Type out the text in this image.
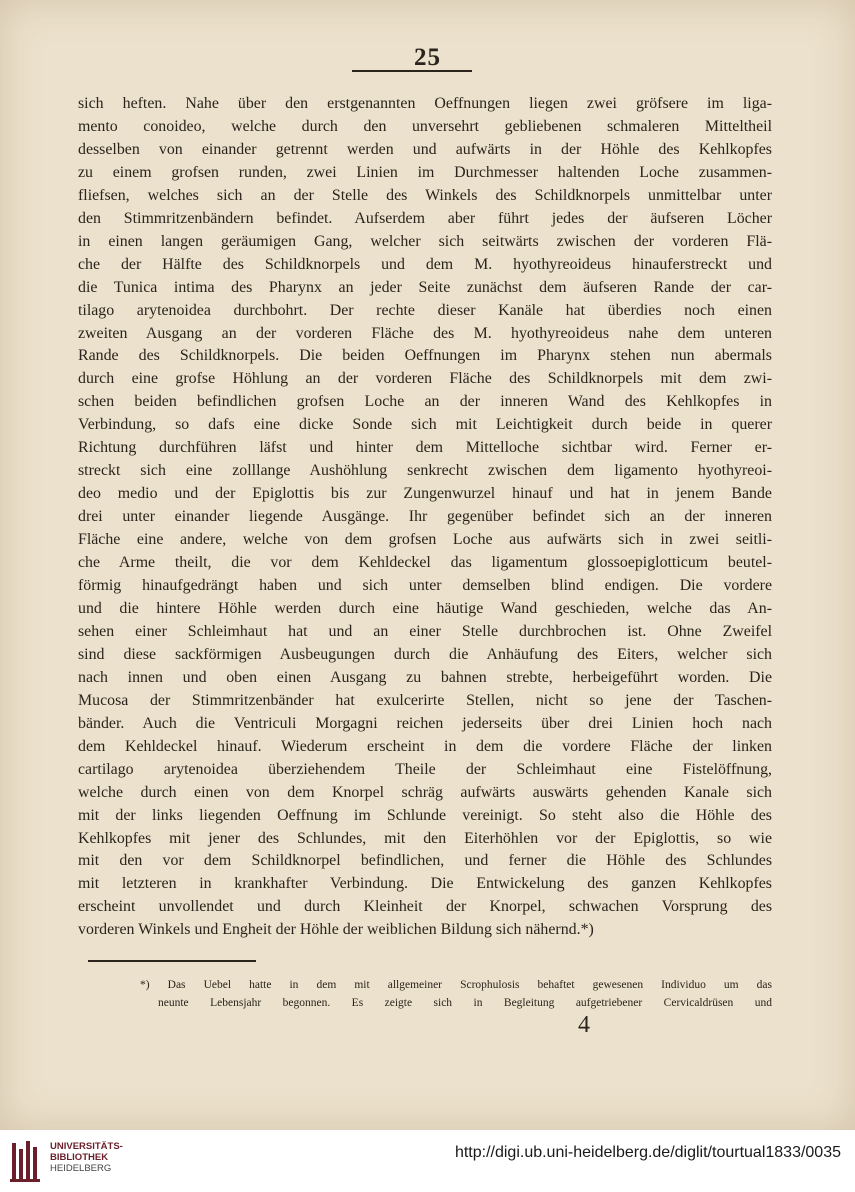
25
sich heften. Nahe über den erstgenannten Oeffnungen liegen zwei gröfsere im liga-
mento conoideo, welche durch den unversehrt gebliebenen schmaleren Mitteltheil
desselben von einander getrennt werden und aufwärts in der Höhle des Kehlkopfes
zu einem grofsen runden, zwei Linien im Durchmesser haltenden Loche zusammen-
fliefsen, welches sich an der Stelle des Winkels des Schildknorpels unmittelbar unter
den Stimmritzenbändern befindet. Aufserdem aber führt jedes der äufseren Löcher
in einen langen geräumigen Gang, welcher sich seitwärts zwischen der vorderen Flä-
che der Hälfte des Schildknorpels und dem M. hyothyreoideus hinauferstreckt und
die Tunica intima des Pharynx an jeder Seite zunächst dem äufseren Rande der car-
tilago arytenoidea durchbohrt. Der rechte dieser Kanäle hat überdies noch einen
zweiten Ausgang an der vorderen Fläche des M. hyothyreoideus nahe dem unteren
Rande des Schildknorpels. Die beiden Oeffnungen im Pharynx stehen nun abermals
durch eine grofse Höhlung an der vorderen Fläche des Schildknorpels mit dem zwi-
schen beiden befindlichen grofsen Loche an der inneren Wand des Kehlkopfes in
Verbindung, so dafs eine dicke Sonde sich mit Leichtigkeit durch beide in querer
Richtung durchführen läfst und hinter dem Mittelloche sichtbar wird. Ferner er-
streckt sich eine zolllange Aushöhlung senkrecht zwischen dem ligamento hyothyreoi-
deo medio und der Epiglottis bis zur Zungenwurzel hinauf und hat in jenem Bande
drei unter einander liegende Ausgänge. Ihr gegenüber befindet sich an der inneren
Fläche eine andere, welche von dem grofsen Loche aus aufwärts sich in zwei seitli-
che Arme theilt, die vor dem Kehldeckel das ligamentum glossoepiglotticum beutel-
förmig hinaufgedrängt haben und sich unter demselben blind endigen. Die vordere
und die hintere Höhle werden durch eine häutige Wand geschieden, welche das An-
sehen einer Schleimhaut hat und an einer Stelle durchbrochen ist. Ohne Zweifel
sind diese sackförmigen Ausbeugungen durch die Anhäufung des Eiters, welcher sich
nach innen und oben einen Ausgang zu bahnen strebte, herbeigeführt worden. Die
Mucosa der Stimmritzenbänder hat exulcerirte Stellen, nicht so jene der Taschen-
bänder. Auch die Ventriculi Morgagni reichen jederseits über drei Linien hoch nach
dem Kehldeckel hinauf. Wiederum erscheint in dem die vordere Fläche der linken
cartilago arytenoidea überziehendem Theile der Schleimhaut eine Fistelöffnung,
welche durch einen von dem Knorpel schräg aufwärts auswärts gehenden Kanale sich
mit der links liegenden Oeffnung im Schlunde vereinigt. So steht also die Höhle des
Kehlkopfes mit jener des Schlundes, mit den Eiterhöhlen vor der Epiglottis, so wie
mit den vor dem Schildknorpel befindlichen, und ferner die Höhle des Schlundes
mit letzteren in krankhafter Verbindung. Die Entwickelung des ganzen Kehlkopfes
erscheint unvollendet und durch Kleinheit der Knorpel, schwachen Vorsprung des
vorderen Winkels und Engheit der Höhle der weiblichen Bildung sich nähernd.*)
*) Das Uebel hatte in dem mit allgemeiner Scrophulosis behaftet gewesenen Individuo um das
neunte Lebensjahr begonnen. Es zeigte sich in Begleitung aufgetriebener Cervicaldrüsen und
4
UNIVERSITÄTS-
BIBLIOTHEK
HEIDELBERG
http://digi.ub.uni-heidelberg.de/diglit/tourtual1833/0035
